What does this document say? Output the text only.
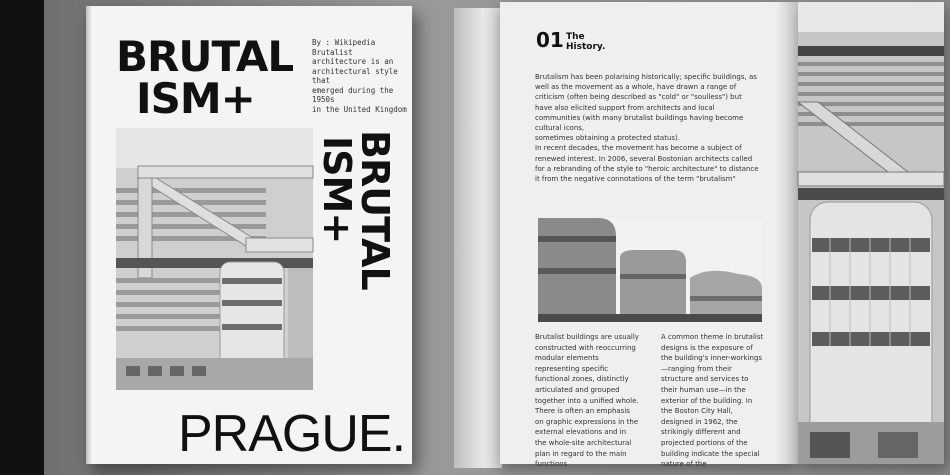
BRUTAL
ISM+
By : Wikipedia
Brutalist architecture is an
architectural style that
emerged during the 1950s
in the United Kingdom
BRUTAL
ISM+
PRAGUE.
01 The
History.

Brutalism has been polarising historically; specific buildings, as well as the movement as a whole, have drawn a range of criticism (often being described as "cold" or "soulless") but have also elicited support from architects and local communities (with many brutalist buildings having become cultural icons,

sometimes obtaining a protected status).

In recent decades, the movement has become a subject of renewed interest. In 2006, several Bostonian architects called for a rebranding of the style to "heroic architecture" to distance it from the negative connotations of the term "brutalism"

Brutalist buildings are usually constructed with reoccurring modular elements representing specific functional zones, distinctly articulated and grouped together into a unified whole. There is often an emphasis on graphic expressions in the external elevations and in the whole-site architectural plan in regard to the main functions
A common theme in brutalist designs is the exposure of the building's inner-workings—ranging from their structure and services to their human use—in the exterior of the building. In the Boston City Hall, designed in 1962, the strikingly different and projected portions of the building indicate the special nature of the
